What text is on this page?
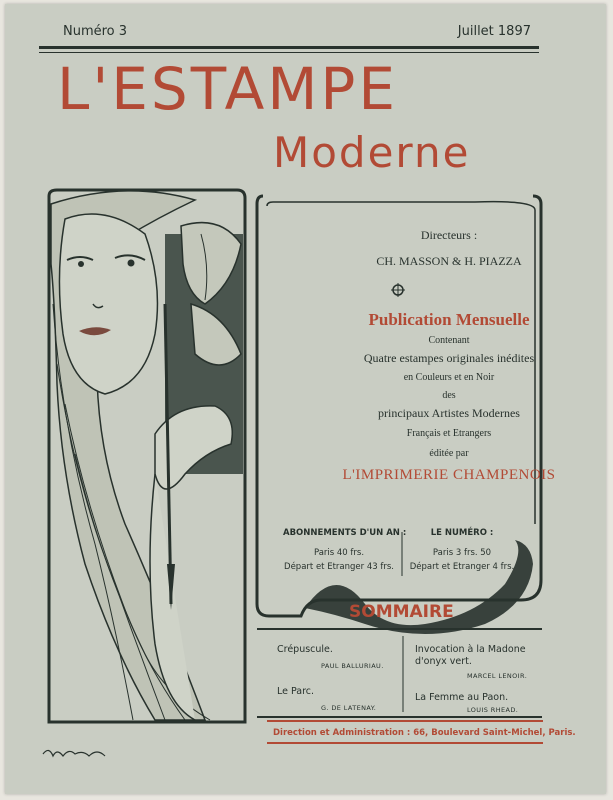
Numéro 3	Juillet 1897
L'ESTAMPE
Moderne
Directeurs :
CH. MASSON & H. PIAZZA
Publication Mensuelle
Contenant
Quatre estampes originales inédites
en Couleurs et en Noir
des
principaux Artistes Modernes
Français et Etrangers
éditée par
L'IMPRIMERIE CHAMPENOIS
ABONNEMENTS D'UN AN :
Paris 40 frs.
Départ et Etranger 43 frs.
LE NUMÉRO :
Paris 3 frs. 50
Départ et Etranger 4 frs.
SOMMAIRE
Crépuscule.
PAUL BALLURIAU.
Le Parc.
G. DE LATENAY.
Invocation à la Madone
d'onyx vert.
MARCEL LENOIR.
La Femme au Paon.
LOUIS RHEAD.
Direction et Administration : 66, Boulevard Saint-Michel, Paris.
